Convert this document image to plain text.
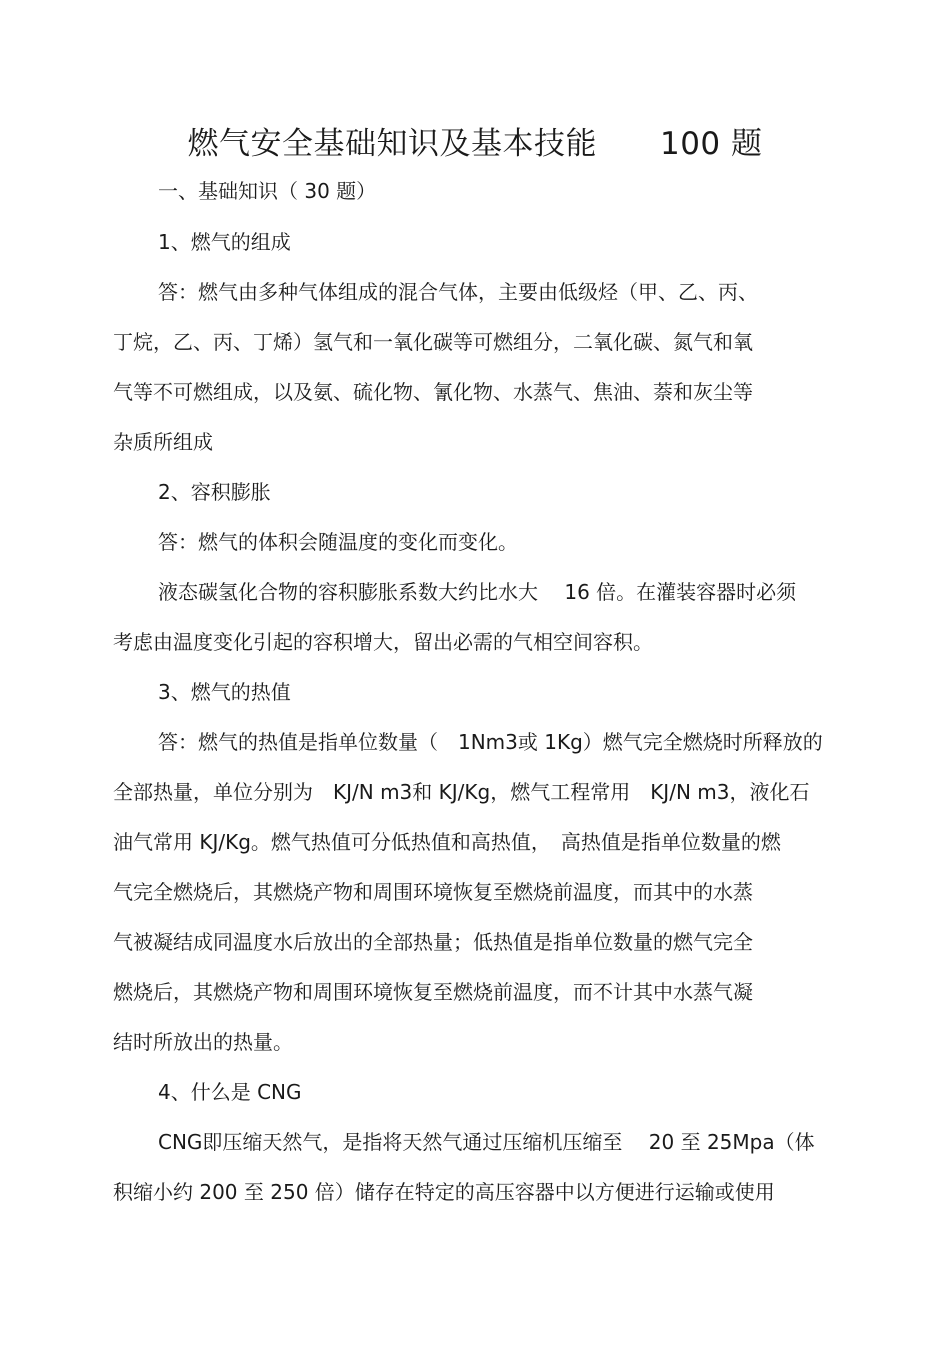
燃气安全基础知识及基本技能　　100 题
一、基础知识（ 30 题）
1、燃气的组成
答：燃气由多种气体组成的混合气体，主要由低级烃（甲、乙、丙、
丁烷，乙、丙、丁烯）氢气和一氧化碳等可燃组分，二氧化碳、氮气和氧
气等不可燃组成，以及氨、硫化物、氰化物、水蒸气、焦油、萘和灰尘等
杂质所组成
2、容积膨胀
答：燃气的体积会随温度的变化而变化。
液态碳氢化合物的容积膨胀系数大约比水大　 16 倍。在灌装容器时必须
考虑由温度变化引起的容积增大，留出必需的气相空间容积。
3、燃气的热值
答：燃气的热值是指单位数量（　1Nm3或 1Kg）燃气完全燃烧时所释放的
全部热量，单位分别为　KJ/N m3和 KJ/Kg，燃气工程常用　KJ/N m3，液化石
油气常用 KJ/Kg。燃气热值可分低热值和高热值，　高热值是指单位数量的燃
气完全燃烧后，其燃烧产物和周围环境恢复至燃烧前温度，而其中的水蒸
气被凝结成同温度水后放出的全部热量；低热值是指单位数量的燃气完全
燃烧后，其燃烧产物和周围环境恢复至燃烧前温度，而不计其中水蒸气凝
结时所放出的热量。
4、什么是 CNG
CNG即压缩天然气，是指将天然气通过压缩机压缩至　 20 至 25Mpa（体
积缩小约 200 至 250 倍）储存在特定的高压容器中以方便进行运输或使用
